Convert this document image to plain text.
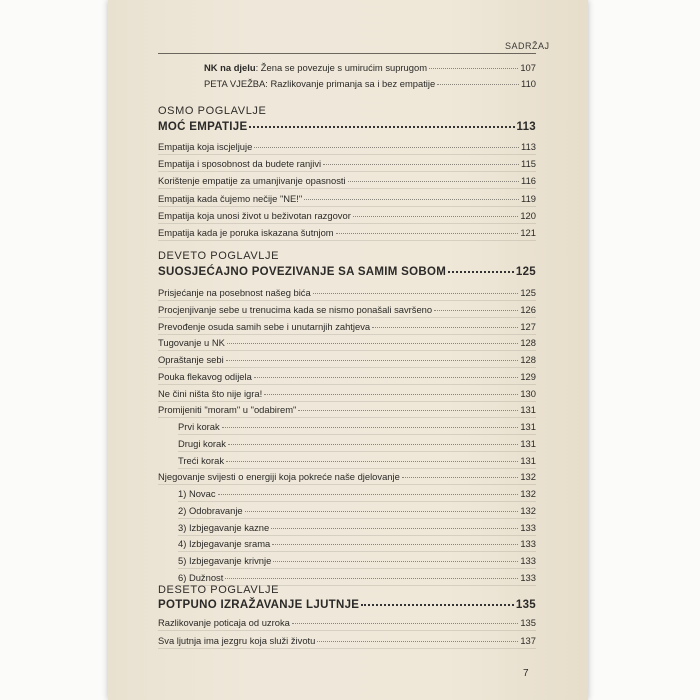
SADRŽAJ
NK na djelu: Žena se povezuje s umirućim suprugom	107
PETA VJEŽBA: Razlikovanje primanja sa i bez empatije	110
OSMO POGLAVLJE
MOĆ EMPATIJE	113
Empatija koja iscjeljuje	113
Empatija i sposobnost da budete ranjivi	115
Korištenje empatije za umanjivanje opasnosti	116
Empatija kada čujemo nečije "NE!"	119
Empatija koja unosi život u beživotan razgovor	120
Empatija kada je poruka iskazana šutnjom	121
DEVETO POGLAVLJE
SUOSJEĆAJNO POVEZIVANJE SA SAMIM SOBOM	125
Prisjećanje na posebnost našeg bića	125
Procjenjivanje sebe u trenucima kada se nismo ponašali savršeno	126
Prevođenje osuda samih sebe i unutarnjih zahtjeva	127
Tugovanje u NK	128
Opraštanje sebi	128
Pouka flekavog odijela	129
Ne čini ništa što nije igra!	130
Promijeniti "moram" u "odabirem"	131
Prvi korak	131
Drugi korak	131
Treći korak	131
Njegovanje svijesti o energiji koja pokreće naše djelovanje	132
1) Novac	132
2) Odobravanje	132
3) Izbjegavanje kazne	133
4) Izbjegavanje srama	133
5) Izbjegavanje krivnje	133
6) Dužnost	133
DESETO POGLAVLJE
POTPUNO IZRAŽAVANJE LJUTNJE	135
Razlikovanje poticaja od uzroka	135
Sva ljutnja ima jezgru koja služi životu	137
7
